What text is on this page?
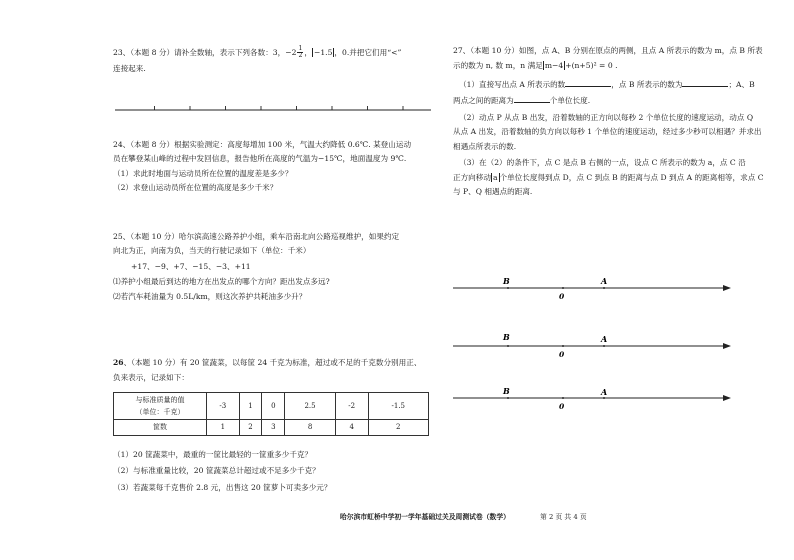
23、（本题 8 分）请补全数轴，表示下列各数：3，$-2 \frac{1}{2}$ ， −1.5 ，0.并把它们用“<”

连接起来.

24、（本题 8 分）根据实验测定：高度每增加 100 米，气温大约降低 0.6℃. 某登山运动

员在攀登某山峰的过程中发回信息，报告他所在高度的气温为−15℃，地面温度为 9℃.

（1）求此时地面与运动员所在位置的温度差是多少？

（2）求登山运动员所在位置的高度是多少千米？

25、（本题 10 分）哈尔滨高速公路养护小组，乘车沿南北向公路巡视维护，如果约定

向北为正，向南为负，当天的行驶记录如下（单位：千米）

+17、−9、+7、−15、−3、+11

⑴养护小组最后到达的地方在出发点的哪个方向？距出发点多远?

⑵若汽车耗油量为 0.5L/km，则这次养护共耗油多少升？

26、（本题 10 分）有 20 筐蔬菜，以每筐 24 千克为标准，超过或不足的千克数分别用正、

负来表示，记录如下：

与标准质量的值
（单位：千克）	-3	1	0	2.5	-2	-1.5
筐数	1	2	3	8	4	2

（1）20 筐蔬菜中，最重的一筐比最轻的一筐重多少千克？

（2）与标准重量比较，20 筐蔬菜总计超过或不足多少千克？

（3）若蔬菜每千克售价 2.8 元，出售这 20 筐萝卜可卖多少元？

27、（本题 10 分）如图，点 A、B 分别在原点的两侧，且点 A 所表示的数为 m，点 B 所表

示的数为 n, 数 m，n 满足 m−4 +(n+5)² = 0 .

（1）直接写出点 A 所表示的数	，点 B 所表示的数为	；A、B

两点之间的距离为	个单位长度.

（2）动点 P 从点 B 出发，沿着数轴的正方向以每秒 2 个单位长度的速度运动，动点 Q

从点 A 出发，沿着数轴的负方向以每秒 1 个单位的速度运动，经过多少秒可以相遇？并求出

相遇点所表示的数.

（3）在（2）的条件下，点 C 是点 B 右侧的一点，设点 C 所表示的数为 a，点 C 沿

正方向移动 a 个单位长度得到点 D，点 C 到点 B 的距离与点 D 到点 A 的距离相等，求点 C

与 P、Q 相遇点的距离.

B	A
0
B	A
0
B	A
0
哈尔滨市虹桥中学初一学年基础过关及周测试卷（数学）	第 2 页 共 4 页
